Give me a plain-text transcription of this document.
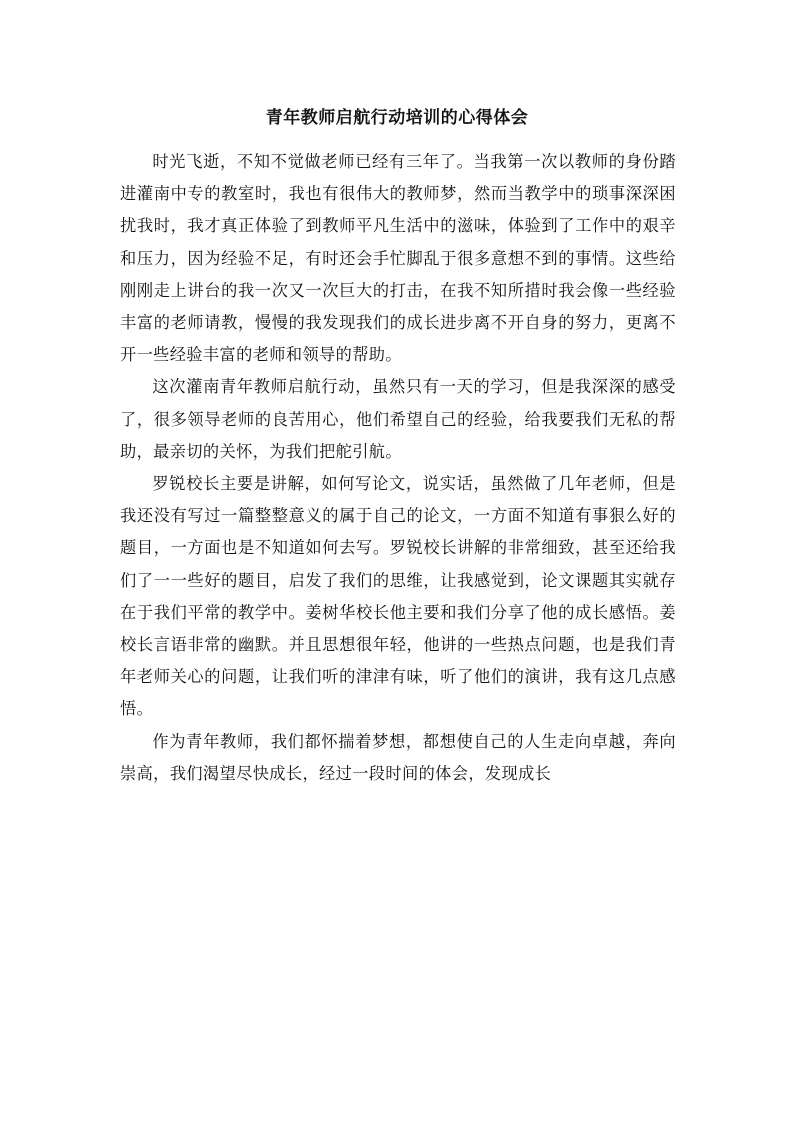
青年教师启航行动培训的心得体会

时光飞逝，不知不觉做老师已经有三年了。当我第一次以教师的身份踏进灌南中专的教室时，我也有很伟大的教师梦，然而当教学中的琐事深深困扰我时，我才真正体验了到教师平凡生活中的滋味，体验到了工作中的艰辛和压力，因为经验不足，有时还会手忙脚乱于很多意想不到的事情。这些给刚刚走上讲台的我一次又一次巨大的打击，在我不知所措时我会像一些经验丰富的老师请教，慢慢的我发现我们的成长进步离不开自身的努力，更离不开一些经验丰富的老师和领导的帮助。

这次灌南青年教师启航行动，虽然只有一天的学习，但是我深深的感受了，很多领导老师的良苦用心，他们希望自己的经验，给我要我们无私的帮助，最亲切的关怀，为我们把舵引航。

罗锐校长主要是讲解，如何写论文，说实话，虽然做了几年老师，但是我还没有写过一篇整整意义的属于自己的论文，一方面不知道有事狠么好的题目，一方面也是不知道如何去写。罗锐校长讲解的非常细致，甚至还给我们了一一些好的题目，启发了我们的思维，让我感觉到，论文课题其实就存在于我们平常的教学中。姜树华校长他主要和我们分享了他的成长感悟。姜校长言语非常的幽默。并且思想很年轻，他讲的一些热点问题，也是我们青年老师关心的问题，让我们听的津津有味，听了他们的演讲，我有这几点感悟。

作为青年教师，我们都怀揣着梦想，都想使自己的人生走向卓越，奔向崇高，我们渴望尽快成长，经过一段时间的体会，发现成长
